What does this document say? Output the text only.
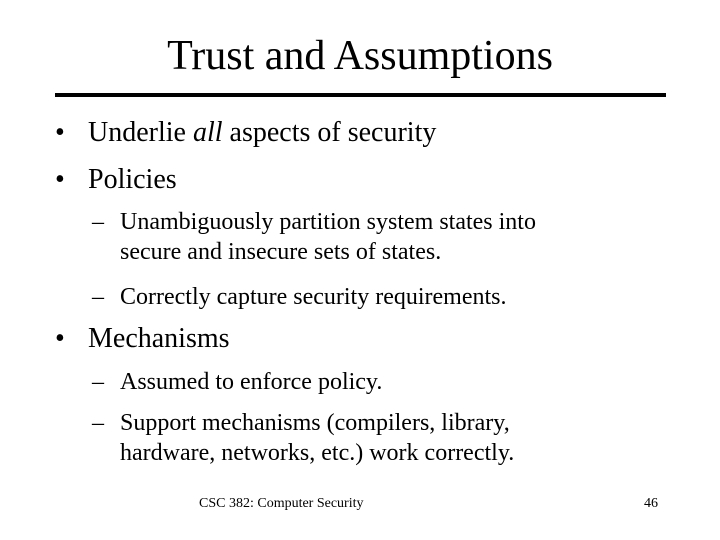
Trust and Assumptions
• Underlie all aspects of security
• Policies
– Unambiguously partition system states into
secure and insecure sets of states.
– Correctly capture security requirements.
• Mechanisms
– Assumed to enforce policy.
– Support mechanisms (compilers, library,
hardware, networks, etc.) work correctly.
CSC 382: Computer Security	46
